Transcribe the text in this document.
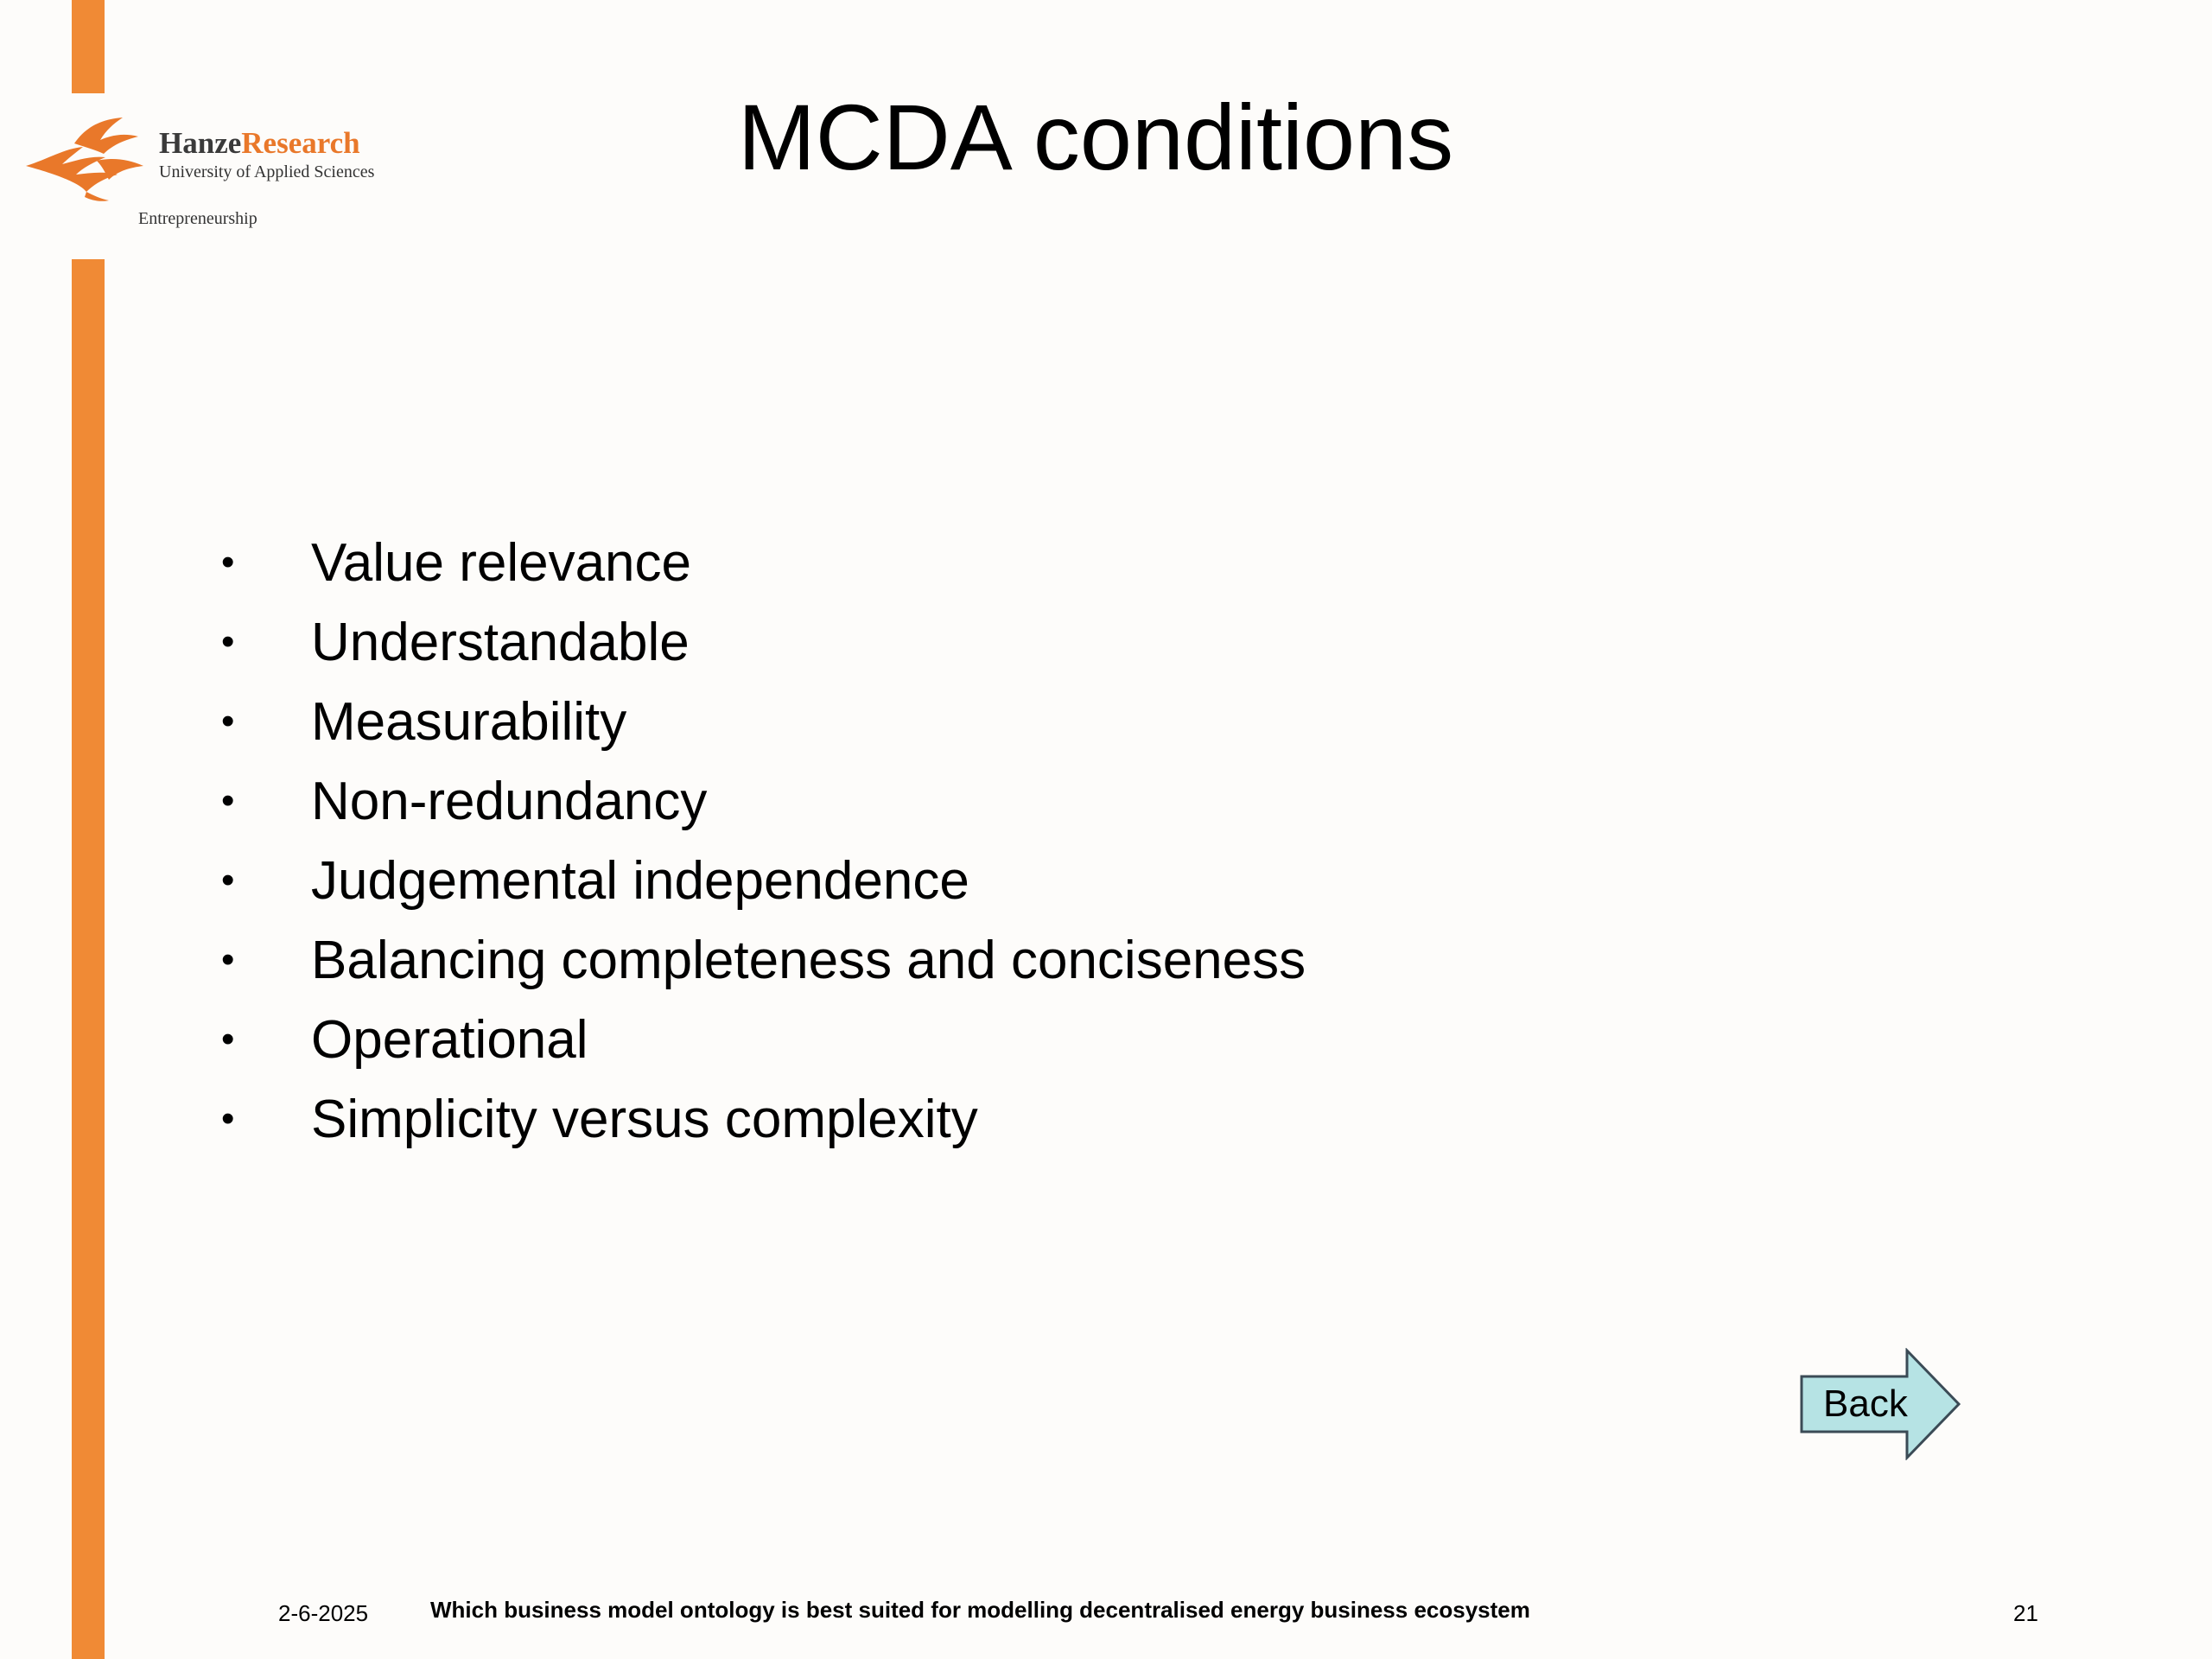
HanzeResearch
University of Applied Sciences
Entrepreneurship
MCDA conditions
•	Value relevance
•	Understandable
•	Measurability
•	Non-redundancy
•	Judgemental independence
•	Balancing completeness and conciseness
•	Operational
•	Simplicity versus complexity
Back
2-6-2025	Which business model ontology is best suited for modelling decentralised energy business ecosystem	21
